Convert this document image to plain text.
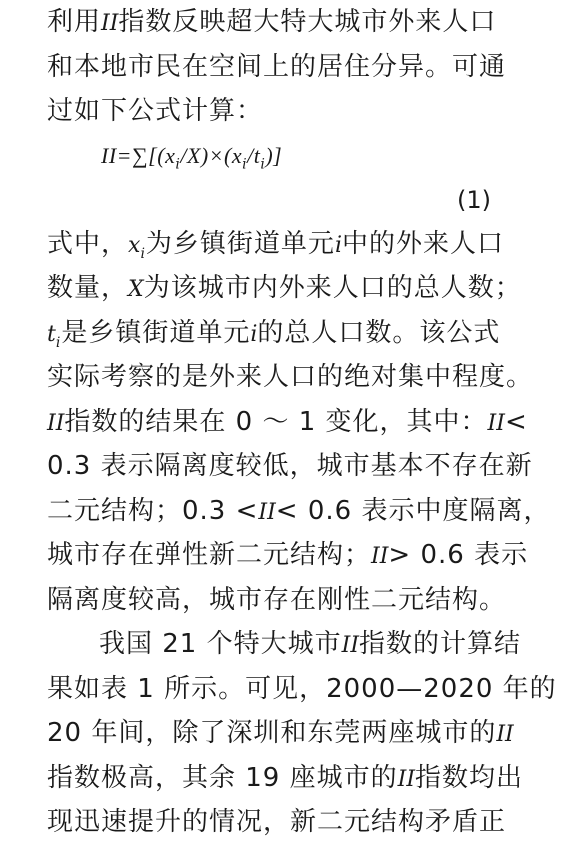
利用II指数反映超大特大城市外来人口
和本地市民在空间上的居住分异。可通
过如下公式计算：
$II=\sum[(x_i/X)\times(x_i/t_i)]$
(1)
式中，$x_i$为乡镇街道单元i中的外来人口
数量，X为该城市内外来人口的总人数；
$t_i$是乡镇街道单元i的总人口数。该公式
实际考察的是外来人口的绝对集中程度。
II指数的结果在 0 ～ 1 变化，其中：II<
0.3 表示隔离度较低，城市基本不存在新
二元结构；0.3 <II< 0.6 表示中度隔离，
城市存在弹性新二元结构；II> 0.6 表示
隔离度较高，城市存在刚性二元结构。
我国 21 个特大城市II指数的计算结
果如表 1 所示。可见，2000—2020 年的
20 年间，除了深圳和东莞两座城市的II
指数极高，其余 19 座城市的II指数均出
现迅速提升的情况，新二元结构矛盾正
